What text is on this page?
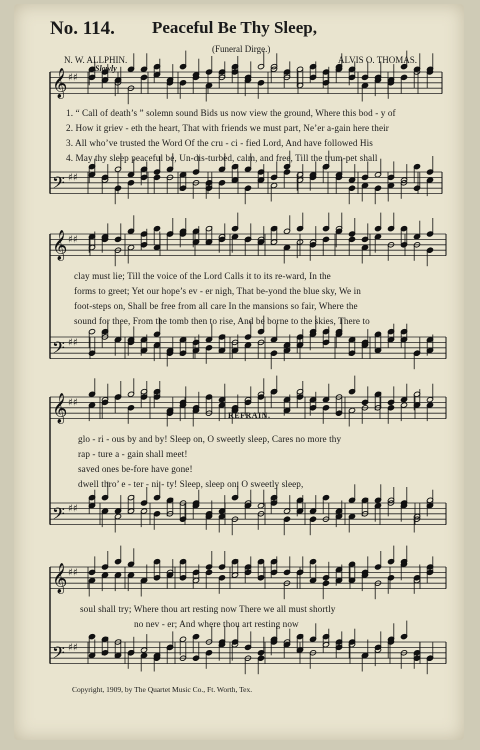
𝄞 ♯♯
𝄢 ♯♯
𝄞 ♯♯
𝄢 ♯♯
𝄞 ♯♯
𝄢 ♯♯
𝄞 ♯♯
𝄢 ♯♯
No. 114. Peaceful Be Thy Sleep,
(Funeral Dirge.)
N. W. ALLPHIN.	ALVIS O. THOMAS.
Slowly
1. “ Call of death’s ” solemn sound Bids us now view the ground, Where this bod - y of
2. How it griev - eth the heart, That with friends we must part, Ne’er a-gain here their
3. All who’ve trusted the Word Of the cru - ci - fied Lord, And have followed His
4. May thy sleep peaceful be, Un-dis-turbed, calm, and free, Till the trum-pet shall
clay must lie; Till the voice of the Lord Calls it to its re-ward, In the
forms to greet; Yet our hope’s ev - er nigh, That be-yond the blue sky, We in
foot-steps on, Shall be free from all care In the mansions so fair, Where the
sound for thee, From the tomb then to rise, And be borne to the skies, There to
REFRAIN.
glo - ri - ous by and by! Sleep on, O sweetly sleep, Cares no more thy
rap - ture a - gain shall meet!
saved ones be-fore have gone!
dwell thro’ e - ter - ni - ty! Sleep, sleep on, O sweetly sleep,
soul shall try; Where thou art resting now There we all must shortly
no nev - er; And where thou art resting now
Copyright, 1909, by The Quartet Music Co., Ft. Worth, Tex.
